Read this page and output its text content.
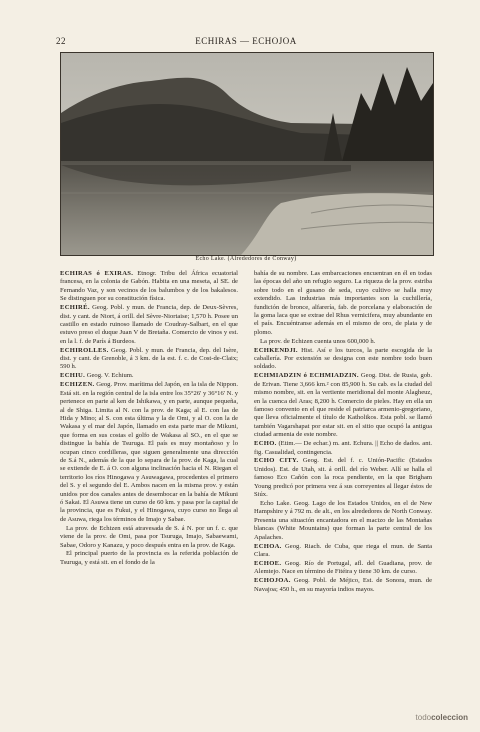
22	ECHIRAS — ECHOJOA
Echo Lake. (Alrededores de Conway)

ECHIRAS ó EXIRAS. Etnogr. Tribu del África ecuatorial francesa, en la colonia de Gabón. Habita en una meseta, al SE. de Fernando Vaz, y son vecinos de los balumbos y de los bakalesos. Se distinguen por su constitución física.

ECHIRÉ. Geog. Pobl. y mun. de Francia, dep. de Deux-Sèvres, dist. y cant. de Niort, á orill. del Sèvre-Niortaise; 1,570 h. Posee un castillo en estado ruinoso llamado de Coudray-Salbart, en el que estuvo preso el duque Juan V de Bretaña. Comercio de vinos y est. en la l. f. de París á Burdeos.

ECHIROLLES. Geog. Pobl. y mun. de Francia, dep. del Isère, dist. y cant. de Grenoble, á 3 km. de la est. f. c. de Cost-de-Claix; 590 h.

ECHIU. Geog. V. Echium.

ECHIZEN. Geog. Prov. marítima del Japón, en la isla de Nippon. Está sit. en la región central de la isla entre los 35°26' y 36°16' N. y pertenece en parte al ken de Ishikawa, y en parte, aunque pequeña, al de Shiga. Limita al N. con la prov. de Kaga; al E. con las de Hida y Mino; al S. con esta última y la de Omi, y al O. con la de Wakasa y el mar del Japón, llamado en esta parte mar de Mikuni, que forma en sus costas el golfo de Wakasa al SO., en el que se distingue la bahía de Tsuruga. El país es muy montañoso y lo ocupan cinco cordilleras, que siguen generalmente una dirección de S.á N., además de la que lo separa de la prov. de Kaga, la cual se extiende de E. á O. con alguna inclinación hacia el N. Riegan el territorio los ríos Hinogawa y Asuwagawa, procedentes el primero del S. y el segundo del E. Ambos nacen en la misma prov. y están unidos por dos canales antes de desembocar en la bahía de Mikuni ó Sakai. El Asuwa tiene un curso de 60 km. y pasa por la capital de la provincia, que es Fukui, y el Hinogawa, cuyo curso no llega al de Asuwa, riega los términos de Imajo y Sabae.

La prov. de Echizen está atravesada de S. á N. por un f. c. que viene de la prov. de Omi, pasa por Tsuruga, Imajo, Sabaewami, Sabae, Odoro y Kanazu, y poco después entra en la prov. de Kaga.

El principal puerto de la provincia es la referida población de Tsuruga, y está sit. en el fondo de la

bahía de su nombre. Las embarcaciones encuentran en él en todas las épocas del año un refugio seguro. La riqueza de la prov. estriba sobre todo en el gusano de seda, cuyo cultivo se halla muy extendido. Las industrias más importantes son la cuchillería, fundición de bronce, alfarería, fab. de porcelana y elaboración de la goma laca que se extrae del Rhus vernicifera, muy abundante en el país. Encuéntranse además en el mismo de oro, de plata y de plomo.

La prov. de Echizen cuenta unos 600,000 h.

ECHKENDJI. Hist. Así e los turcos, la parte escogida de la caballería. Por extensión se designa con este nombre todo buen soldado.

ECHMIADZIN ó ECHMIADZIN. Geog. Dist. de Rusia, gob. de Erivan. Tiene 3,666 km.² con 85,900 h. Su cab. es la ciudad del mismo nombre, sit. en la vertiente meridional del monte Alagheuz, en la cuenca del Aras; 8,200 h. Comercio de pieles. Hay en ella un famoso convento en el que reside el patriarca armenio-gregoriano, que lleva oficialmente el título de Katholikos. Esta pobl. se llamó también Vagarshapat por estar sit. en el sitio que ocupó la antigua ciudad armenia de este nombre.

ECHO. (Etim.— De echar.) m. ant. Echura. || Echo de dados. ant. fig. Casualidad, contingencia.

ECHO CITY. Geog. Est. del f. c. Unión-Pacific (Estados Unidos). Est. de Utah, sit. á orill. del río Weber. Allí se halla el famoso Eco Cañón con la roca pendiente, en la que Brigham Young predicó por primera vez á sus correyentes al llegar éstos de Siúx.

Echo Lake. Geog. Lago de los Estados Unidos, en el de New Hampshire y á 792 m. de alt., en los alrededores de North Conway. Presenta una situación encantadora en el macizo de las Montañas blancas (White Mountains) que forman la parte central de los Apalaches.

ECHOA. Geog. Riach. de Cuba, que riega el mun. de Santa Clara.

ECHOE. Geog. Río de Portugal, afl. del Guadiana, prov. de Alemtejo. Nace en término de Fitéira y tiene 30 km. de curso.

ECHOJOA. Geog. Pobl. de Méjico, Est. de Sonora, mun. de Navajoa; 450 h., en su mayoría indios mayos.

todocoleccion
